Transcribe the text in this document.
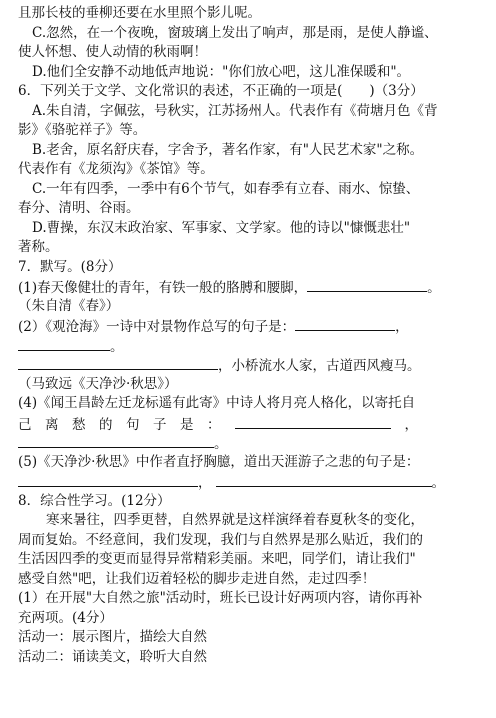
且那长枝的垂柳还要在水里照个影儿呢。
C.忽然，在一个夜晚，窗玻璃上发出了响声，那是雨，是使人静谧、
使人怀想、使人动情的秋雨啊！
D.他们全安静不动地低声地说："你们放心吧，这儿准保暖和"。
6．下列关于文学、文化常识的表述，不正确的一项是(　　)（3分）
A.朱自清，字佩弦，号秋实，江苏扬州人。代表作有《荷塘月色《背
影》《骆驼祥子》等。
B.老舍，原名舒庆春，字舍予，著名作家，有"人民艺术家"之称。
代表作有《龙须沟》《茶馆》等。
C.一年有四季，一季中有6个节气，如春季有立春、雨水、惊蛰、
春分、清明、谷雨。
D.曹操，东汉末政治家、军事家、文学家。他的诗以"慷慨悲壮"
著称。
7．默写。(8分）
(1)春天像健壮的青年，有铁一般的胳膊和腰脚，	。
（朱自清《春》）
(2）《观沧海》一诗中对景物作总写的句子是：	，
。
，小桥流水人家，古道西风瘦马。
（马致远《天净沙·秋思》）
(4)《闻王昌龄左迁龙标遥有此寄》中诗人将月亮人格化，以寄托自
己　离　愁　的　句　子　是　：	，
。
(5)《天净沙·秋思》中作者直抒胸臆，道出天涯游子之悲的句子是：
，	。
8．综合性学习。(12分）
寒来暑往，四季更替，自然界就是这样演绎着春夏秋冬的变化，
周而复始。不经意间，我们发现，我们与自然界是那么贴近，我们的
生活因四季的变更而显得异常精彩美丽。来吧，同学们，请让我们"
感受自然"吧，让我们迈着轻松的脚步走进自然，走过四季！
(1）在开展"大自然之旅"活动时，班长已设计好两项内容，请你再补
充两项。(4分）
活动一：展示图片，描绘大自然
活动二：诵读美文，聆听大自然
